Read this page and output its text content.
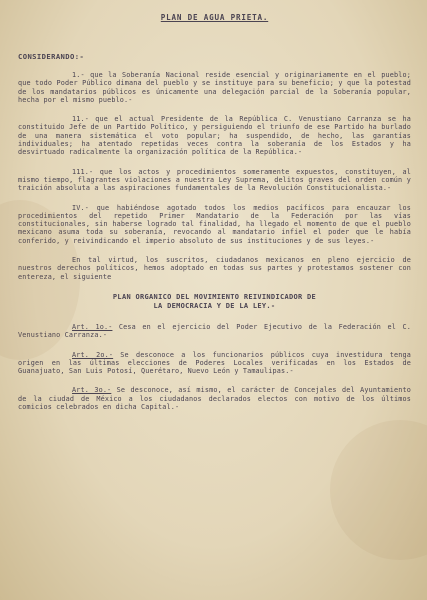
PLAN DE AGUA PRIETA.
CONSIDERANDO:-

1.- que la Soberanía Nacional reside esencial y originariamente en el pueblo; que todo Poder Público dimana del pueblo y se instituye para su beneficio; y que la potestad de los mandatarios públicos es únicamente una delegación parcial de la Soberanía popular, hecha por el mismo pueblo.-

11.- que el actual Presidente de la República C. Venustiano Carranza se ha constituido Jefe de un Partido Político, y persiguiendo el triunfo de ese Partido ha burlado de una manera sistemática el voto popular; ha suspendido, de hecho, las garantías individuales; ha atentado repetidas veces contra la soberanía de los Estados y ha desvirtuado radicalmente la organización política de la República.-

111.- que los actos y procedimientos someramente expuestos, constituyen, al mismo tiempo, flagrantes violaciones a nuestra Ley Suprema, delitos graves del orden común y traición absoluta a las aspiraciones fundamentales de la Revolución Constitucionalista.-

IV.- que habiéndose agotado todos los medios pacíficos para encauzar los procedimientos del repetido Primer Mandatario de la Federación por las vías constitucionales, sin haberse logrado tal finalidad, ha llegado el momento de que el pueblo mexicano asuma toda su soberanía, revocando al mandatario infiel el poder que le había conferido, y reivindicando el imperio absoluto de sus instituciones y de sus leyes.-

En tal virtud, los suscritos, ciudadanos mexicanos en pleno ejercicio de nuestros derechos políticos, hemos adoptado en todas sus partes y protestamos sostener con entereza, el siguiente

PLAN ORGANICO DEL MOVIMIENTO REIVINDICADOR DE
LA DEMOCRACIA Y DE LA LEY.-

Art. 1o.- Cesa en el ejercicio del Poder Ejecutivo de la Federación el C. Venustiano Carranza.-

Art. 2o.- Se desconoce a los funcionarios públicos cuya investidura tenga origen en las últimas elecciones de Poderes Locales verificadas en los Estados de Guanajuato, San Luis Potosí, Querétaro, Nuevo León y Tamaulipas.-

Art. 3o.- Se desconoce, así mismo, el carácter de Concejales del Ayuntamiento de la ciudad de México a los ciudadanos declarados electos con motivo de los últimos comicios celebrados en dicha Capital.-
